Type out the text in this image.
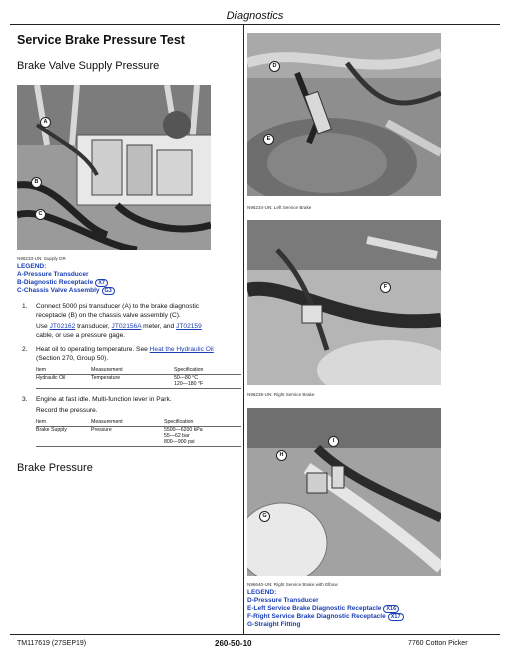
Diagnostics
Service Brake Pressure Test
Brake Valve Supply Pressure
A
B
C
N96233-UN: Supply DR
LEGEND:
A-Pressure Transducer
B-Diagnostic Receptacle X7
C-Chassis Valve Assembly G3
1. Connect 5000 psi transducer (A) to the brake diagnostic
receptacle (B) on the chassis valve assembly (C).
Use JT02162 transducer, JT02156A meter, and JT02159
cable, or use a pressure gage.
2. Heat oil to operating temperature. See Heat the Hydraulic Oil
(Section 270, Group 50).
Item	Measurement	Specification
Hydraulic Oil	Temperature	50—80 °C
120—180 °F
3. Engine at fast idle. Multi-function lever in Park.
Record the pressure.
Item	Measurement	Specification
Brake Supply	Pressure	5500—6200 kPa
55—62 bar
800—900 psi
Brake Pressure
D
E
N96234-UN: Left Service Brake
F
N96235-UN: Right Service Brake
H
I
G
N96640-UN: Right Service Brake with Elbow
LEGEND:
D-Pressure Transducer
E-Left Service Brake Diagnostic Receptacle X16
F-Right Service Brake Diagnostic Receptacle X17
G-Straight Fitting
TM117619 (27SEP19)	260-50-10	7760 Cotton Picker
